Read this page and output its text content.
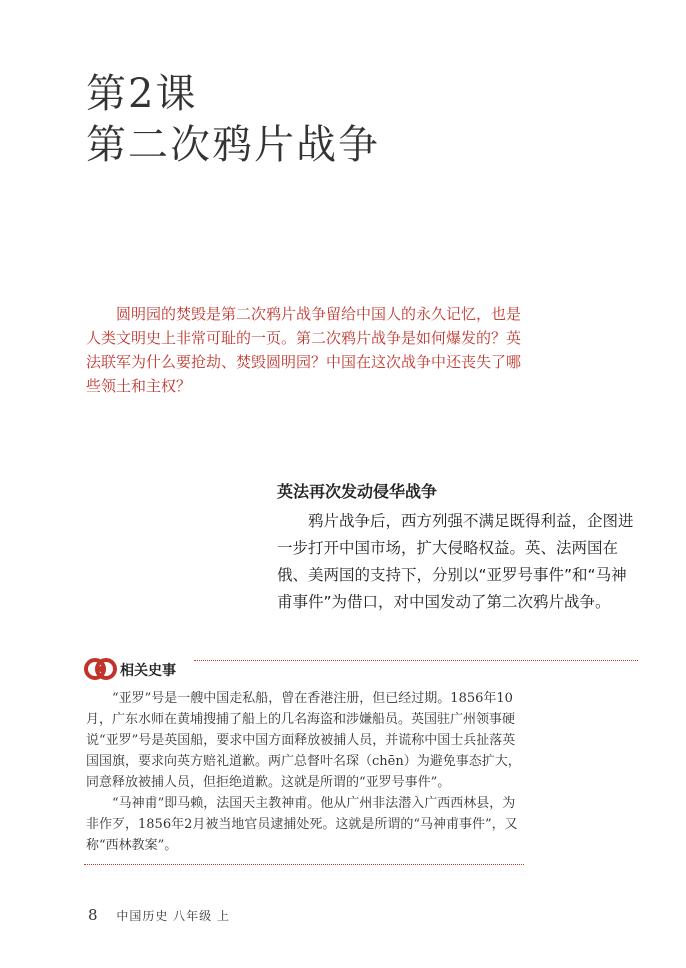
第2课
第二次鸦片战争

圆明园的焚毁是第二次鸦片战争留给中国人的永久记忆，也是人类文明史上非常可耻的一页。第二次鸦片战争是如何爆发的？英法联军为什么要抢劫、焚毁圆明园？中国在这次战争中还丧失了哪些领土和主权？

英法再次发动侵华战争

鸦片战争后，西方列强不满足既得利益，企图进一步打开中国市场，扩大侵略权益。英、法两国在俄、美两国的支持下，分别以“亚罗号事件”和“马神甫事件”为借口，对中国发动了第二次鸦片战争。

相关史事

“亚罗”号是一艘中国走私船，曾在香港注册，但已经过期。1856年10月，广东水师在黄埔搜捕了船上的几名海盗和涉嫌船员。英国驻广州领事硬说“亚罗”号是英国船，要求中国方面释放被捕人员，并谎称中国士兵扯落英国国旗，要求向英方赔礼道歉。两广总督叶名琛（chēn）为避免事态扩大，同意释放被捕人员，但拒绝道歉。这就是所谓的“亚罗号事件”。

“马神甫”即马赖，法国天主教神甫。他从广州非法潜入广西西林县，为非作歹，1856年2月被当地官员逮捕处死。这就是所谓的“马神甫事件”，又称“西林教案”。

8 中国历史 八年级 上
